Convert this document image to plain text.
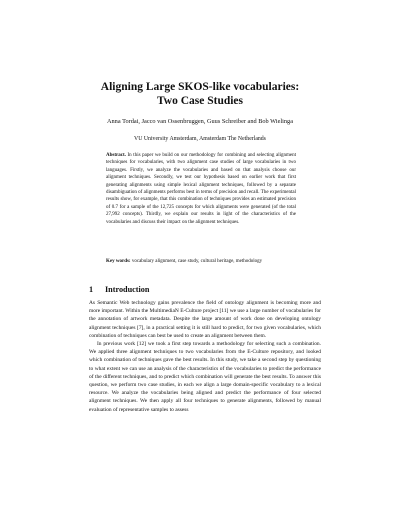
Aligning Large SKOS-like vocabularies:
Two Case Studies
Anna Tordai, Jacco van Ossenbruggen, Guus Schreiber and Bob Wielinga
VU University Amsterdam, Amsterdam The Netherlands
Abstract. In this paper we build on our methodology for combining and selecting alignment techniques for vocabularies, with two alignment case studies of large vocabularies in two languages. Firstly, we analyze the vocabularies and based on that analysis choose our alignment techniques. Secondly, we test our hypothesis based on earlier work that first generating alignments using simple lexical alignment techniques, followed by a separate disambiguation of alignments performs best in terms of precision and recall. The experimental results show, for example, that this combination of techniques provides an estimated precision of 0.7 for a sample of the 12,725 concepts for which alignments were generated (of the total 27,992 concepts). Thirdly, we explain our results in light of the characteristics of the vocabularies and discuss their impact on the alignment techniques.
Key words: vocabulary alignment, case study, cultural heritage, methodology
1 Introduction

As Semantic Web technology gains prevalence the field of ontology alignment is becoming more and more important. Within the MultimediaN E-Culture project [11] we use a large number of vocabularies for the annotation of artwork metadata. Despite the large amount of work done on developing ontology alignment techniques [7], in a practical setting it is still hard to predict, for two given vocabularies, which combination of techniques can best be used to create an alignment between them.

In previous work [12] we took a first step towards a methodology for selecting such a combination. We applied three alignment techniques to two vocabularies from the E-Culture repository, and looked which combination of techniques gave the best results. In this study, we take a second step by questioning to what extent we can use an analysis of the characteristics of the vocabularies to predict the performance of the different techniques, and to predict which combination will generate the best results. To answer this question, we perform two case studies, in each we align a large domain-specific vocabulary to a lexical resource. We analyze the vocabularies being aligned and predict the performance of four selected alignment techniques. We then apply all four techniques to generate alignments, followed by manual evaluation of representative samples to assess
